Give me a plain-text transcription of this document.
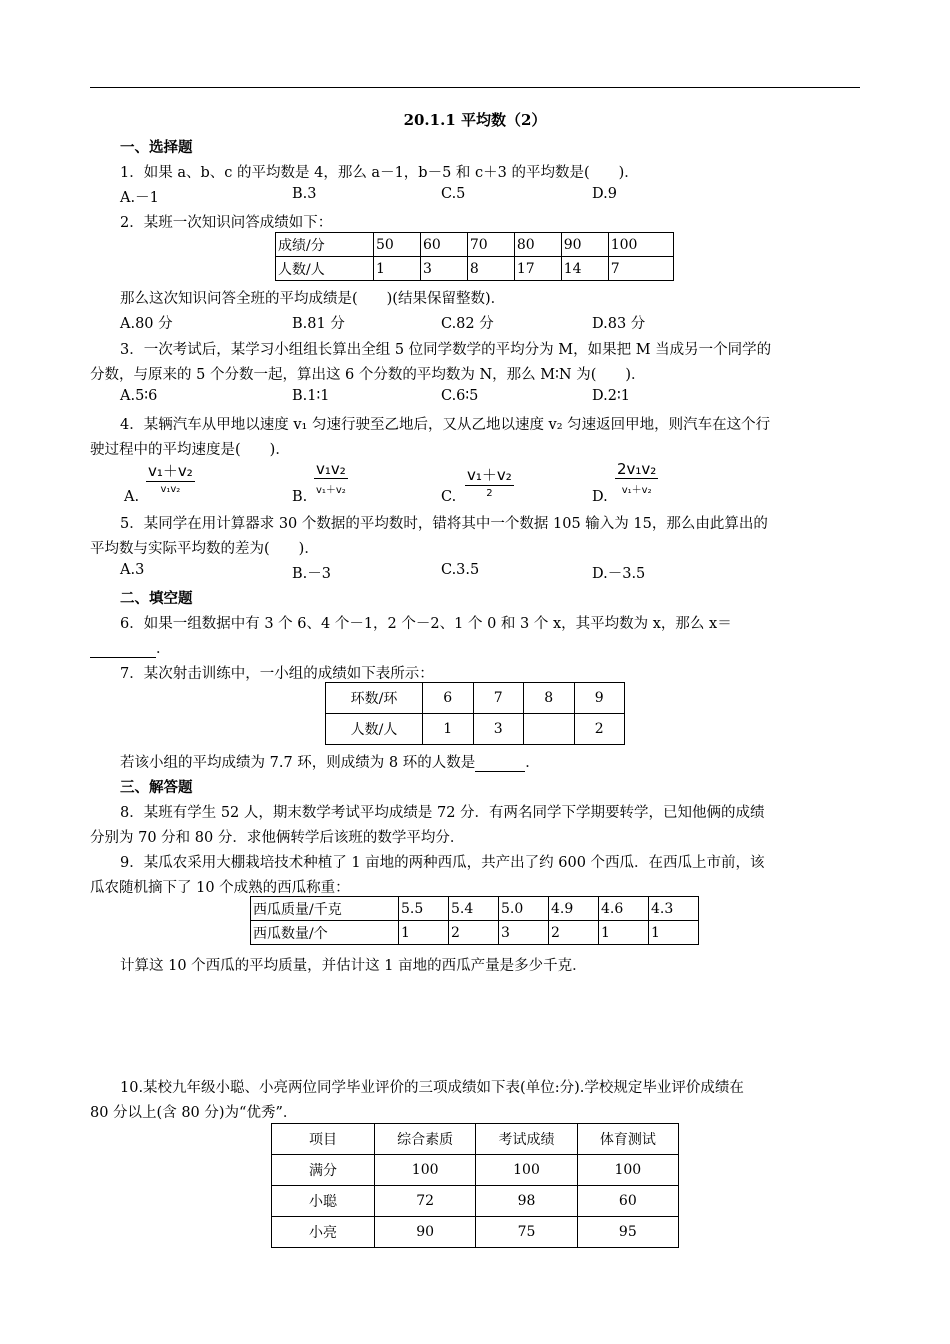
20.1.1 平均数（2）
一、选择题
1．如果 a、b、c 的平均数是 4，那么 a－1，b－5 和 c＋3 的平均数是(　　)．
A.－1	B.3	C.5	D.9
2．某班一次知识问答成绩如下：
成绩/分	50	60	70	80	90	100
人数/人	1	3	8	17	14	7
那么这次知识问答全班的平均成绩是(　　)(结果保留整数)．
A.80 分	B.81 分	C.82 分	D.83 分
3．一次考试后，某学习小组组长算出全组 5 位同学数学的平均分为 M，如果把 M 当成另一个同学的
分数，与原来的 5 个分数一起，算出这 6 个分数的平均数为 N，那么 M∶N 为(　　)．
A.5∶6	B.1∶1	C.6∶5	D.2∶1
4．某辆汽车从甲地以速度 v₁ 匀速行驶至乙地后，又从乙地以速度 v₂ 匀速返回甲地，则汽车在这个行
驶过程中的平均速度是(　　)．
A.
v₁＋v₂
v₁v₂	B.
v₁v₂
v₁＋v₂	C.
v₁＋v₂
2	D.
2v₁v₂
v₁＋v₂
5．某同学在用计算器求 30 个数据的平均数时，错将其中一个数据 105 输入为 15，那么由此算出的
平均数与实际平均数的差为(　　)．
A.3	B.－3	C.3.5	D.－3.5
二、填空题
6．如果一组数据中有 3 个 6、4 个－1，2 个－2、1 个 0 和 3 个 x，其平均数为 x，那么 x＝
．
7．某次射击训练中，一小组的成绩如下表所示：
环数/环	6	7	8	9
人数/人	1	3		2
若该小组的平均成绩为 7.7 环，则成绩为 8 环的人数是	．
三、解答题
8．某班有学生 52 人，期末数学考试平均成绩是 72 分．有两名同学下学期要转学，已知他俩的成绩
分别为 70 分和 80 分．求他俩转学后该班的数学平均分．
9．某瓜农采用大棚栽培技术种植了 1 亩地的两种西瓜，共产出了约 600 个西瓜．在西瓜上市前，该
瓜农随机摘下了 10 个成熟的西瓜称重：
西瓜质量/千克	5.5	5.4	5.0	4.9	4.6	4.3
西瓜数量/个	1	2	3	2	1	1
计算这 10 个西瓜的平均质量，并估计这 1 亩地的西瓜产量是多少千克．
10.某校九年级小聪、小亮两位同学毕业评价的三项成绩如下表(单位:分).学校规定毕业评价成绩在
80 分以上(含 80 分)为“优秀”．
项目	综合素质	考试成绩	体育测试
满分	100	100	100
小聪	72	98	60
小亮	90	75	95
